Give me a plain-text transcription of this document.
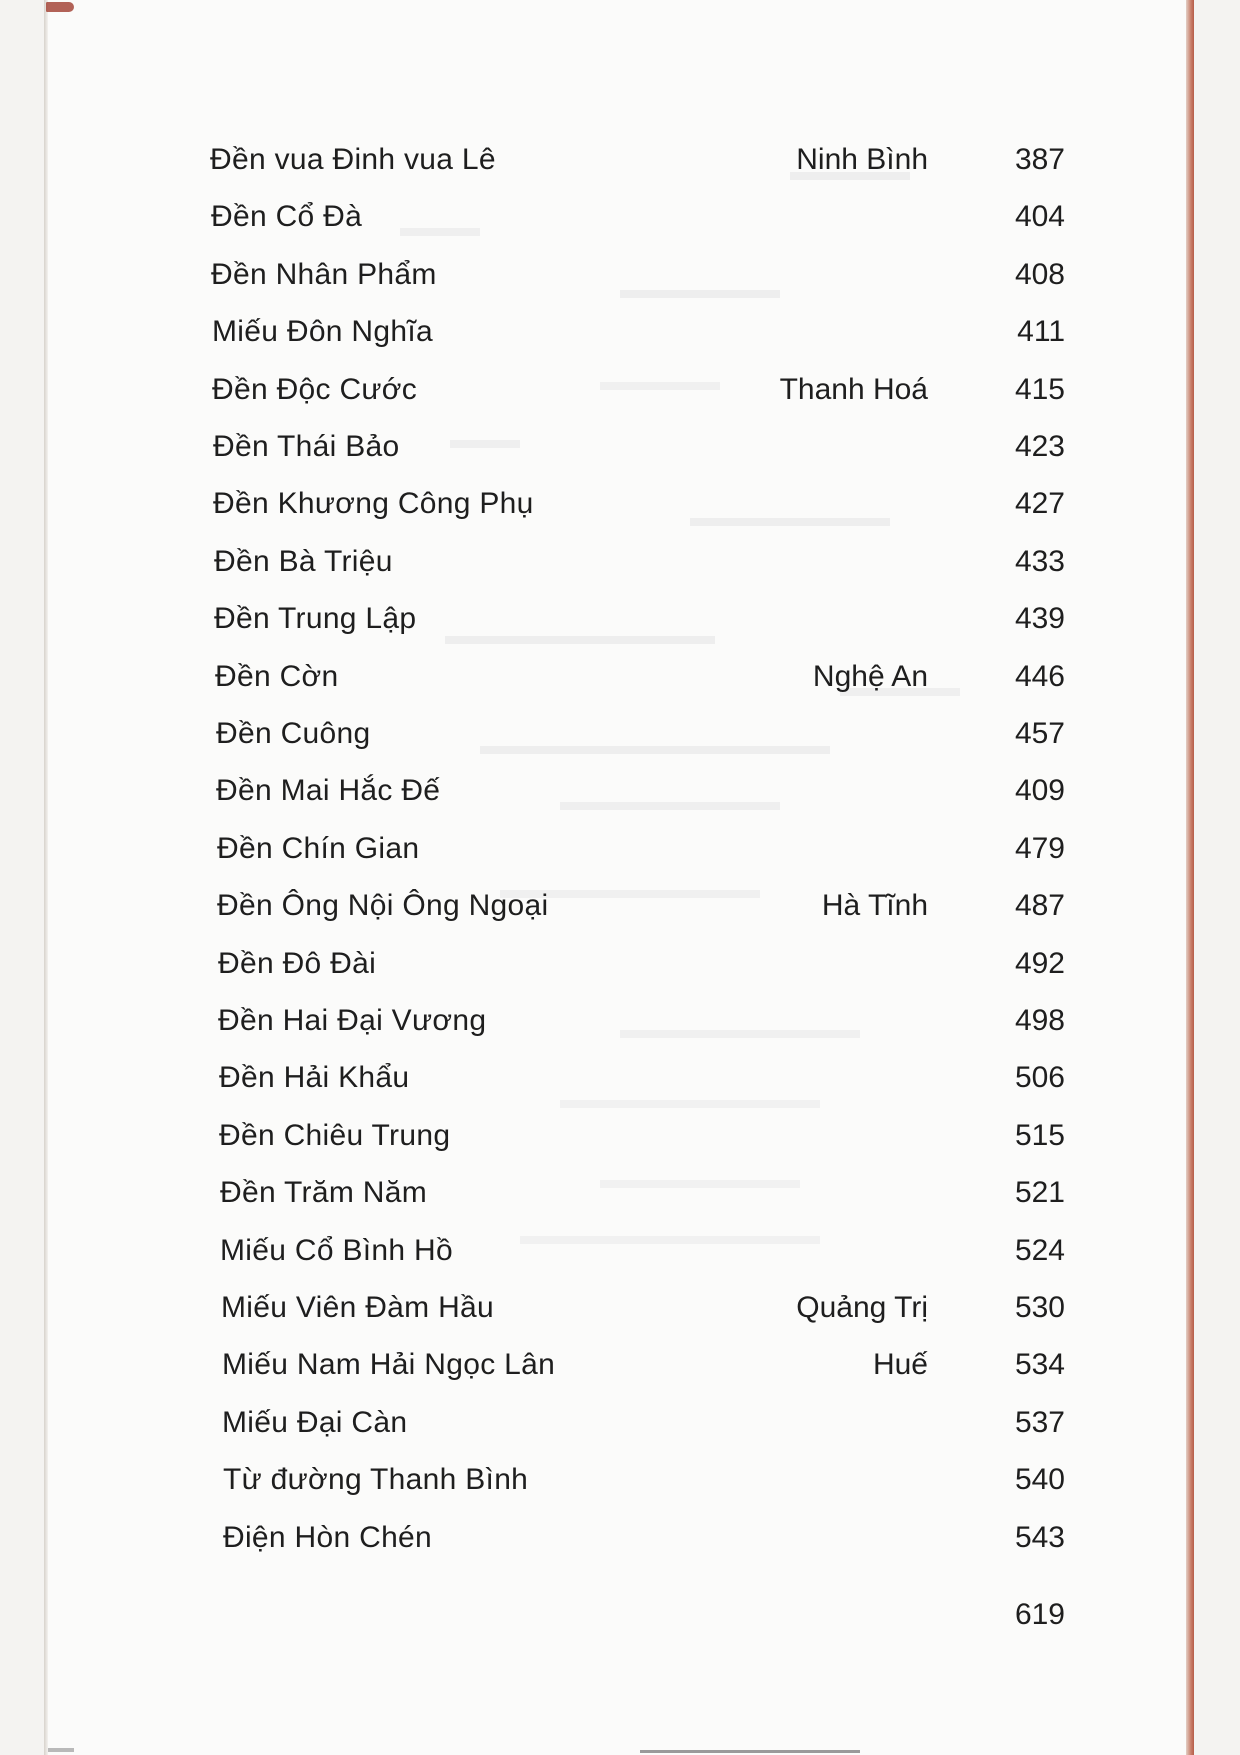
Đền vua Đinh vua Lê	Ninh Bình	387
Đền Cổ Đà	404
Đền Nhân Phẩm	408
Miếu Đôn Nghĩa	411
Đền Độc Cước	Thanh Hoá	415
Đền Thái Bảo	423
Đền Khương Công Phụ	427
Đền Bà Triệu	433
Đền Trung Lập	439
Đền Cờn	Nghệ An	446
Đền Cuông	457
Đền Mai Hắc Đế	409
Đền Chín Gian	479
Đền Ông Nội Ông Ngoại	Hà Tĩnh	487
Đền Đô Đài	492
Đền Hai Đại Vương	498
Đền Hải Khẩu	506
Đền Chiêu Trung	515
Đền Trăm Năm	521
Miếu Cổ Bình Hồ	524
Miếu Viên Đàm Hầu	Quảng Trị	530
Miếu Nam Hải Ngọc Lân	Huế	534
Miếu Đại Càn	537
Từ đường Thanh Bình	540
Điện Hòn Chén	543
619
